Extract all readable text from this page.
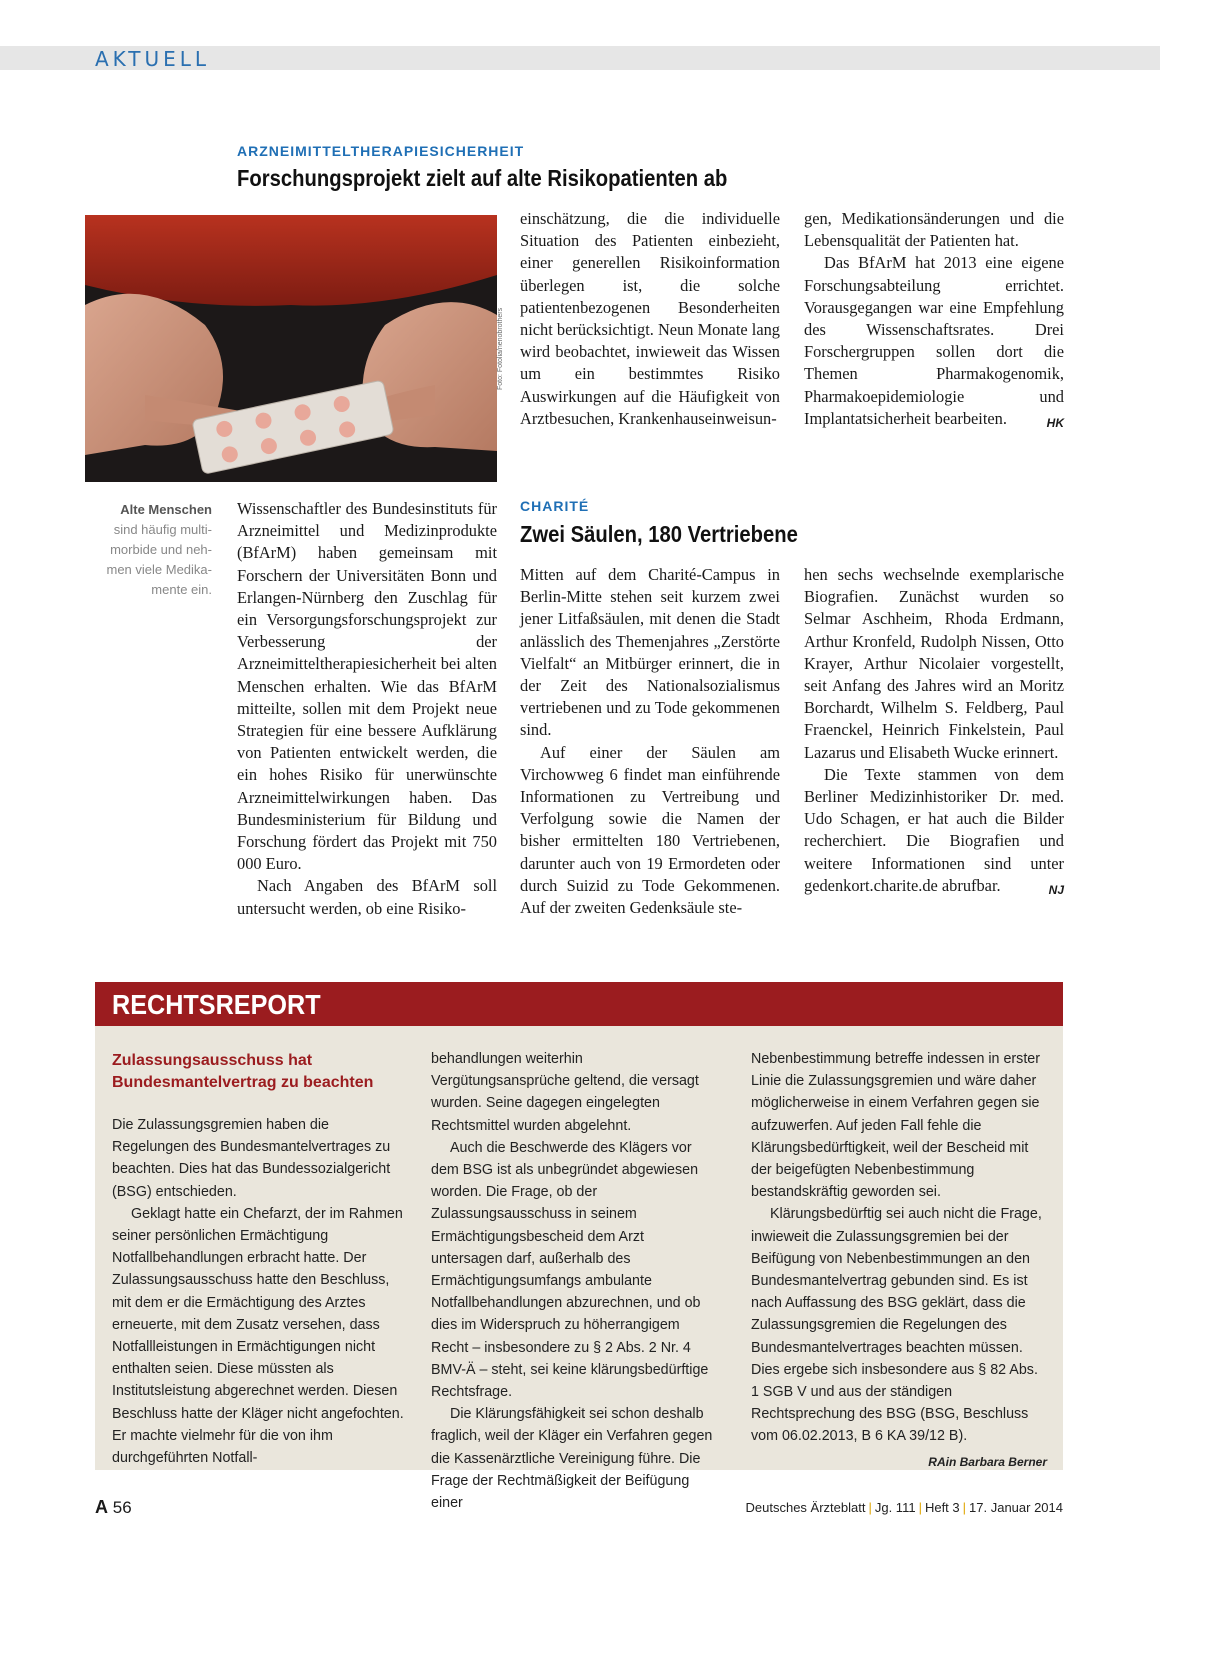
AKTUELL
ARZNEIMITTELTHERAPIESICHERHEIT
Forschungsprojekt zielt auf alte Risikopatienten ab
Foto: Fotolia/nenobrothers
Alte Menschen sind häufig multi-morbide und neh-men viele Medika-mente ein.

Wissenschaftler des Bundesinstituts für Arzneimittel und Medizinprodukte (BfArM) haben gemeinsam mit Forschern der Universitäten Bonn und Erlangen-Nürnberg den Zuschlag für ein Versorgungsforschungsprojekt zur Verbesserung der Arzneimitteltherapiesicherheit bei alten Menschen erhalten. Wie das BfArM mitteilte, sollen mit dem Projekt neue Strategien für eine bessere Aufklärung von Patienten entwickelt werden, die ein hohes Risiko für unerwünschte Arzneimittelwirkungen haben. Das Bundesministerium für Bildung und Forschung fördert das Projekt mit 750 000 Euro.

Nach Angaben des BfArM soll untersucht werden, ob eine Risiko-

einschätzung, die die individuelle Situation des Patienten einbezieht, einer generellen Risikoinformation überlegen ist, die solche patientenbezogenen Besonderheiten nicht berücksichtigt. Neun Monate lang wird beobachtet, inwieweit das Wissen um ein bestimmtes Risiko Auswirkungen auf die Häufigkeit von Arztbesuchen, Krankenhauseinweisun-

gen, Medikationsänderungen und die Lebensqualität der Patienten hat.

Das BfArM hat 2013 eine eigene Forschungsabteilung errichtet. Vorausgegangen war eine Empfehlung des Wissenschaftsrates. Drei Forschergruppen sollen dort die Themen Pharmakogenomik, Pharmakoepidemiologie und Implantatsicherheit bearbeiten.	HK

CHARITÉ
Zwei Säulen, 180 Vertriebene

Mitten auf dem Charité-Campus in Berlin-Mitte stehen seit kurzem zwei jener Litfaßsäulen, mit denen die Stadt anlässlich des Themenjahres „Zerstörte Vielfalt“ an Mitbürger erinnert, die in der Zeit des Nationalsozialismus vertriebenen und zu Tode gekommenen sind.

Auf einer der Säulen am Virchowweg 6 findet man einführende Informationen zu Vertreibung und Verfolgung sowie die Namen der bisher ermittelten 180 Vertriebenen, darunter auch von 19 Ermordeten oder durch Suizid zu Tode Gekommenen. Auf der zweiten Gedenksäule ste-

hen sechs wechselnde exemplarische Biografien. Zunächst wurden so Selmar Aschheim, Rhoda Erdmann, Arthur Kronfeld, Rudolph Nissen, Otto Krayer, Arthur Nicolaier vorgestellt, seit Anfang des Jahres wird an Moritz Borchardt, Wilhelm S. Feldberg, Paul Fraenckel, Heinrich Finkelstein, Paul Lazarus und Elisabeth Wucke erinnert.

Die Texte stammen von dem Berliner Medizinhistoriker Dr. med. Udo Schagen, er hat auch die Bilder recherchiert. Die Biografien und weitere Informationen sind unter gedenkort.charite.de abrufbar.	NJ

RECHTSREPORT
Zulassungsausschuss hat Bundesmantelvertrag zu beachten

Die Zulassungsgremien haben die Regelungen des Bundesmantelvertrages zu beachten. Dies hat das Bundessozialgericht (BSG) entschieden.

Geklagt hatte ein Chefarzt, der im Rahmen seiner persönlichen Ermächtigung Notfallbehandlungen erbracht hatte. Der Zulassungsausschuss hatte den Beschluss, mit dem er die Ermächtigung des Arztes erneuerte, mit dem Zusatz versehen, dass Notfallleistungen in Ermächtigungen nicht enthalten seien. Diese müssten als Institutsleistung abgerechnet werden. Diesen Beschluss hatte der Kläger nicht angefochten. Er machte vielmehr für die von ihm durchgeführten Notfall-

behandlungen weiterhin Vergütungsansprüche geltend, die versagt wurden. Seine dagegen eingelegten Rechtsmittel wurden abgelehnt.

Auch die Beschwerde des Klägers vor dem BSG ist als unbegründet abgewiesen worden. Die Frage, ob der Zulassungsausschuss in seinem Ermächtigungsbescheid dem Arzt untersagen darf, außerhalb des Ermächtigungsumfangs ambulante Notfallbehandlungen abzurechnen, und ob dies im Widerspruch zu höherrangigem Recht – insbesondere zu § 2 Abs. 2 Nr. 4 BMV-Ä – steht, sei keine klärungsbedürftige Rechtsfrage.

Die Klärungsfähigkeit sei schon deshalb fraglich, weil der Kläger ein Verfahren gegen die Kassenärztliche Vereinigung führe. Die Frage der Rechtmäßigkeit der Beifügung einer

Nebenbestimmung betreffe indessen in erster Linie die Zulassungsgremien und wäre daher möglicherweise in einem Verfahren gegen sie aufzuwerfen. Auf jeden Fall fehle die Klärungsbedürftigkeit, weil der Bescheid mit der beigefügten Nebenbestimmung bestandskräftig geworden sei.

Klärungsbedürftig sei auch nicht die Frage, inwieweit die Zulassungsgremien bei der Beifügung von Nebenbestimmungen an den Bundesmantelvertrag gebunden sind. Es ist nach Auffassung des BSG geklärt, dass die Zulassungsgremien die Regelungen des Bundesmantelvertrages beachten müssen. Dies ergebe sich insbesondere aus § 82 Abs. 1 SGB V und aus der ständigen Rechtsprechung des BSG (BSG, Beschluss vom 06.02.2013, B 6 KA 39/12 B).
RAin Barbara Berner

A 56	Deutsches Ärzteblatt | Jg. 111 | Heft 3 | 17. Januar 2014
